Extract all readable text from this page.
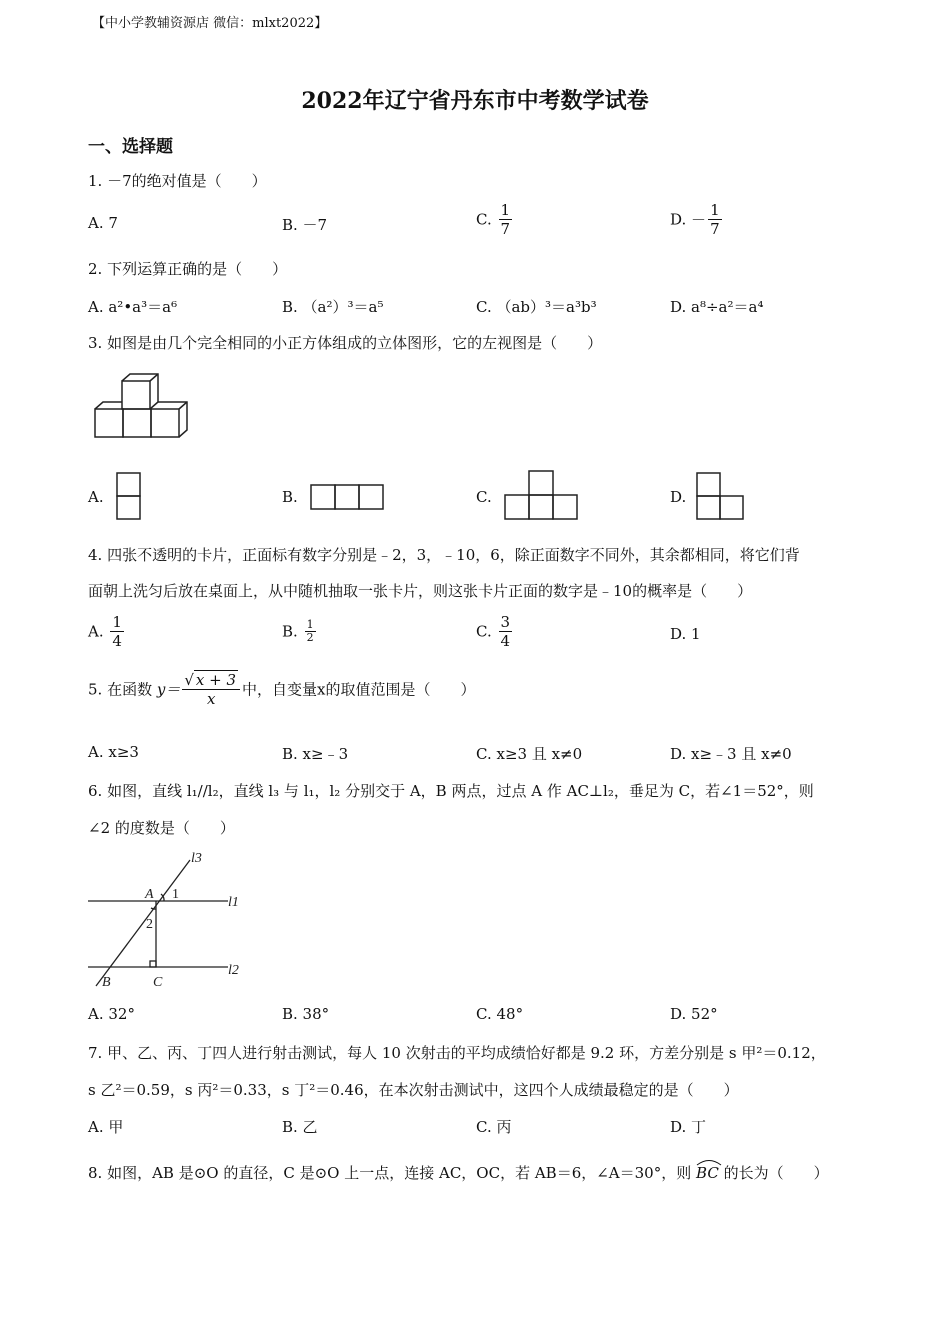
【中小学教辅资源店 微信：mlxt2022】
2022年辽宁省丹东市中考数学试卷
一、选择题
1. －7的绝对值是（　　）
A. 7	B. －7	C. $\frac{1}{7}$	D. － $\frac{1}{7}$
2. 下列运算正确的是（　　）
A. a²•a³＝a⁶	B. （a²）³＝a⁵	C. （ab）³＝a³b³	D. a⁸÷a²＝a⁴
3. 如图是由几个完全相同的小正方体组成的立体图形，它的左视图是（　　）
A.	B.	C.	D.
4. 四张不透明的卡片，正面标有数字分别是﹣2，3，﹣10，6，除正面数字不同外，其余都相同，将它们背
面朝上洗匀后放在桌面上，从中随机抽取一张卡片，则这张卡片正面的数字是﹣10的概率是（　　）
A. $\frac{1}{4}$	B. $\frac{1}{2}$	C. $\frac{3}{4}$	D. 1
5. 在函数 $y= \frac{√ x + 3}{x}$ 中，自变量x的取值范围是（　　）
A. x≥3	B. x≥﹣3	C. x≥3 且 x≠0	D. x≥﹣3 且 x≠0
6. 如图，直线 l₁//l₂，直线 l₃ 与 l₁，l₂ 分别交于 A，B 两点，过点 A 作 AC⊥l₂，垂足为 C，若∠1＝52°，则
∠2 的度数是（　　）
l3
l1
l2
A 1
2
B	C
A. 32°	B. 38°	C. 48°	D. 52°
7. 甲、乙、丙、丁四人进行射击测试，每人 10 次射击的平均成绩恰好都是 9.2 环，方差分别是 s 甲²＝0.12，
s 乙²＝0.59，s 丙²＝0.33，s 丁²＝0.46，在本次射击测试中，这四个人成绩最稳定的是（　　）
A. 甲	B. 乙	C. 丙	D. 丁
8. 如图，AB 是⊙O 的直径，C 是⊙O 上一点，连接 AC，OC，若 AB＝6，∠A＝30°，则 BC 的长为（　　）
